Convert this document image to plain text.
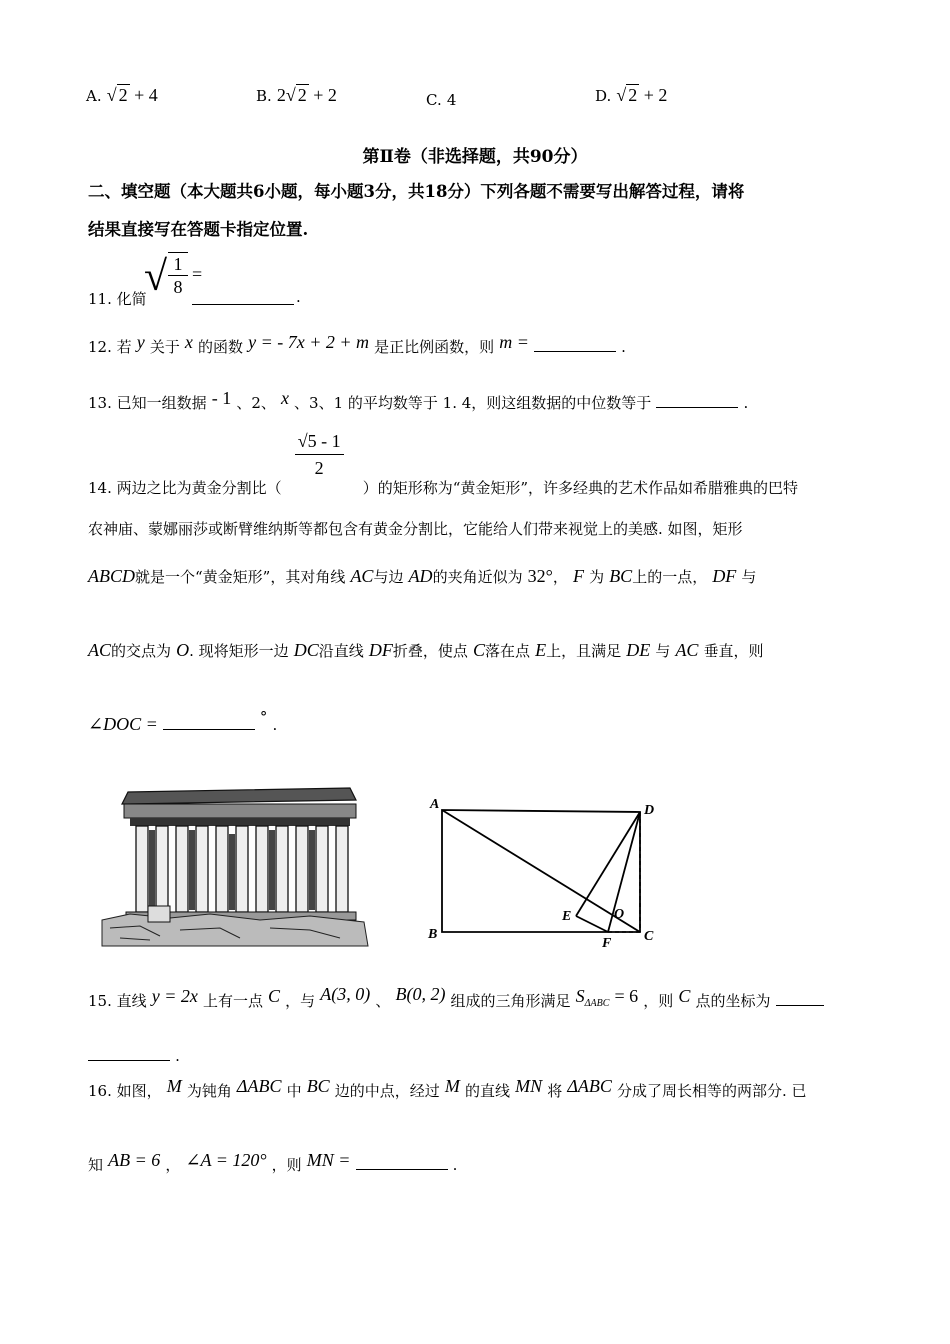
A. √ 2 + 4	B. 2√ 2 + 2	C. 4	D. √ 2 + 2
第Ⅱ卷（非选择题，共90分）
二、填空题（本大题共6小题，每小题3分，共18分）下列各题不需要写出解答过程，请将
结果直接写在答题卡指定位置.
11. 化简
√ 1
8
=
.
12. 若 y 关于 x 的函数 y = - 7x + 2 + m 是正比例函数，则 m =	.
13. 已知一组数据 - 1 、2、 x 、3、1 的平均数等于 1. 4，则这组数据的中位数等于	.
14. 两边之比为黄金分割比（
$\frac{√5 - 1}{2}$
）的矩形称为“黄金矩形”，许多经典的艺术作品如希腊雅典的巴特
农神庙、蒙娜丽莎或断臂维纳斯等都包含有黄金分割比，它能给人们带来视觉上的美感. 如图，矩形
ABCD就是一个“黄金矩形”，其对角线 AC与边 AD的夹角近似为 32°， F 为 BC上的一点， DF 与
AC的交点为 O. 现将矩形一边 DC沿直线 DF折叠，使点 C落在点 E上，且满足 DE 与 AC 垂直，则
∠DOC =	° .
A
B	C
D
E
F
O
15. 直线 y = 2x 上有一点 C ，与 A(3, 0) 、 B(0, 2) 组成的三角形满足 SΔABC = 6 ，则 C 点的坐标为
.
16. 如图， M 为钝角 ΔABC 中 BC 边的中点，经过 M 的直线 MN 将 ΔABC 分成了周长相等的两部分. 已
知 AB = 6 ， ∠A = 120° ，则 MN =	.
